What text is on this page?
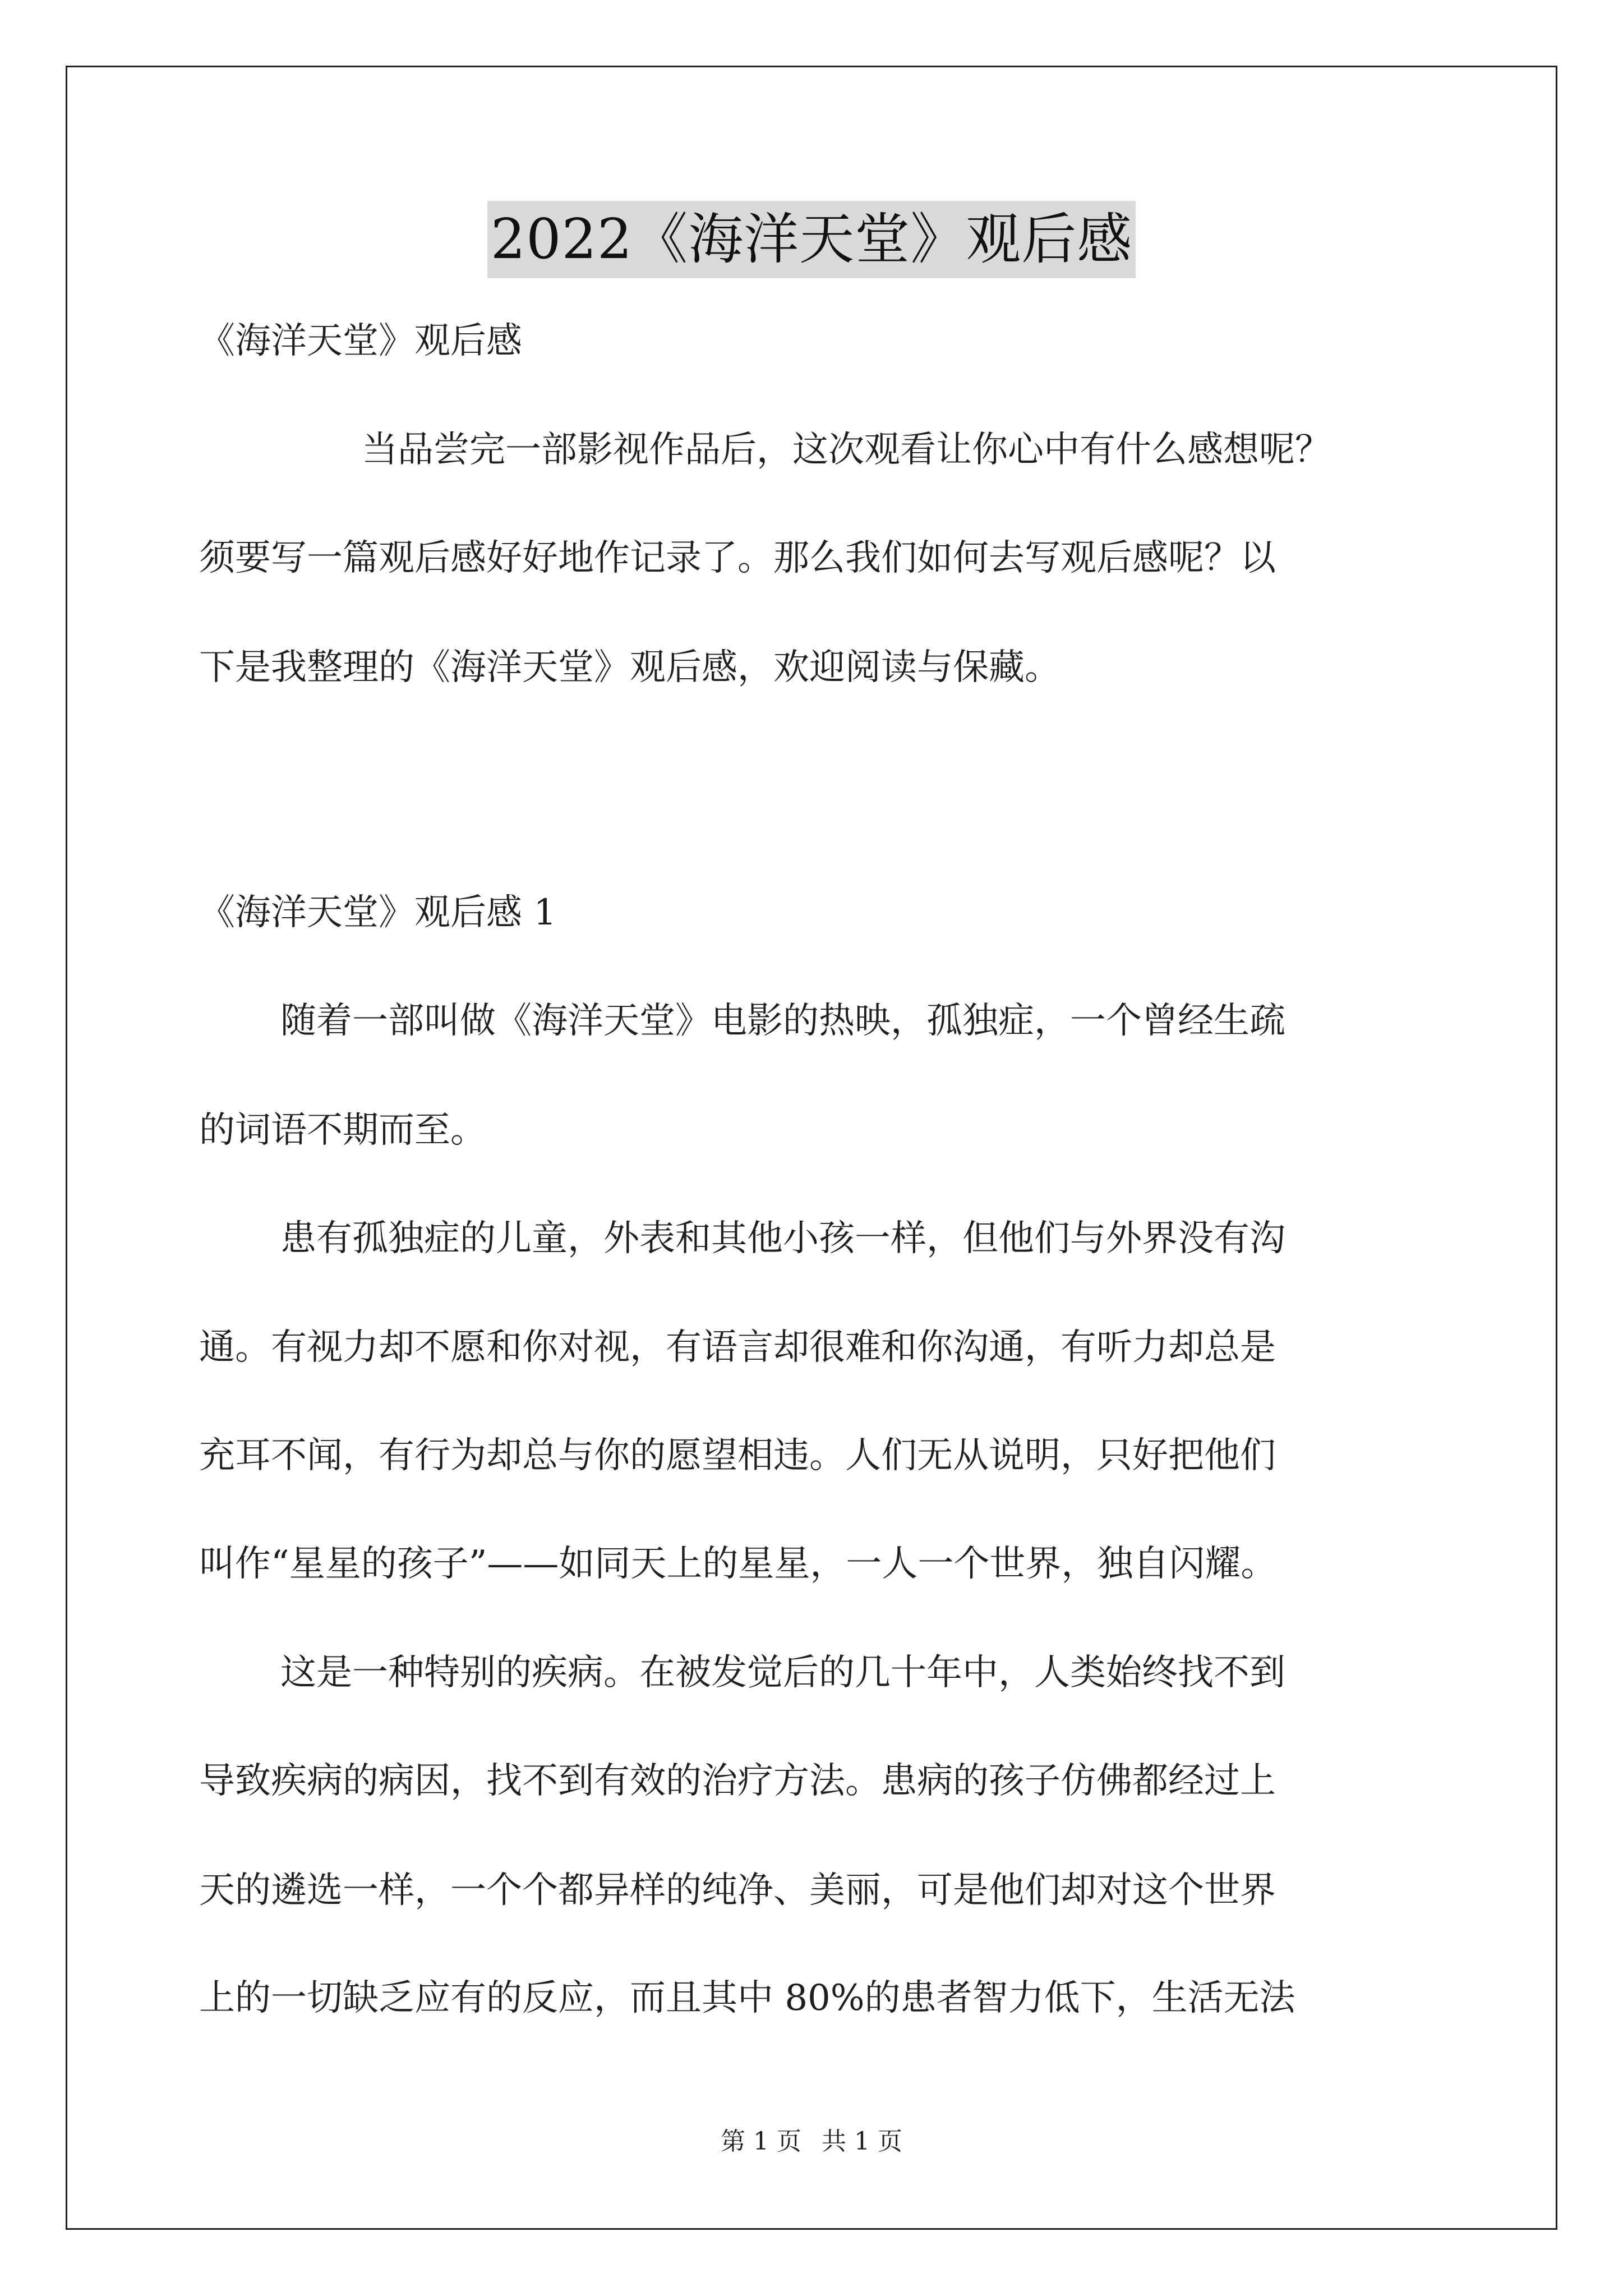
2022《海洋天堂》观后感
《海洋天堂》观后感
当品尝完一部影视作品后，这次观看让你心中有什么感想呢？
须要写一篇观后感好好地作记录了。那么我们如何去写观后感呢？以
下是我整理的《海洋天堂》观后感，欢迎阅读与保藏。
《海洋天堂》观后感 1
随着一部叫做《海洋天堂》电影的热映，孤独症，一个曾经生疏
的词语不期而至。
患有孤独症的儿童，外表和其他小孩一样，但他们与外界没有沟
通。有视力却不愿和你对视，有语言却很难和你沟通，有听力却总是
充耳不闻，有行为却总与你的愿望相违。人们无从说明，只好把他们
叫作“星星的孩子”——如同天上的星星，一人一个世界，独自闪耀。
这是一种特别的疾病。在被发觉后的几十年中，人类始终找不到
导致疾病的病因，找不到有效的治疗方法。患病的孩子仿佛都经过上
天的遴选一样，一个个都异样的纯净、美丽，可是他们却对这个世界
上的一切缺乏应有的反应，而且其中 80%的患者智力低下，生活无法
第 1 页 共 1 页
